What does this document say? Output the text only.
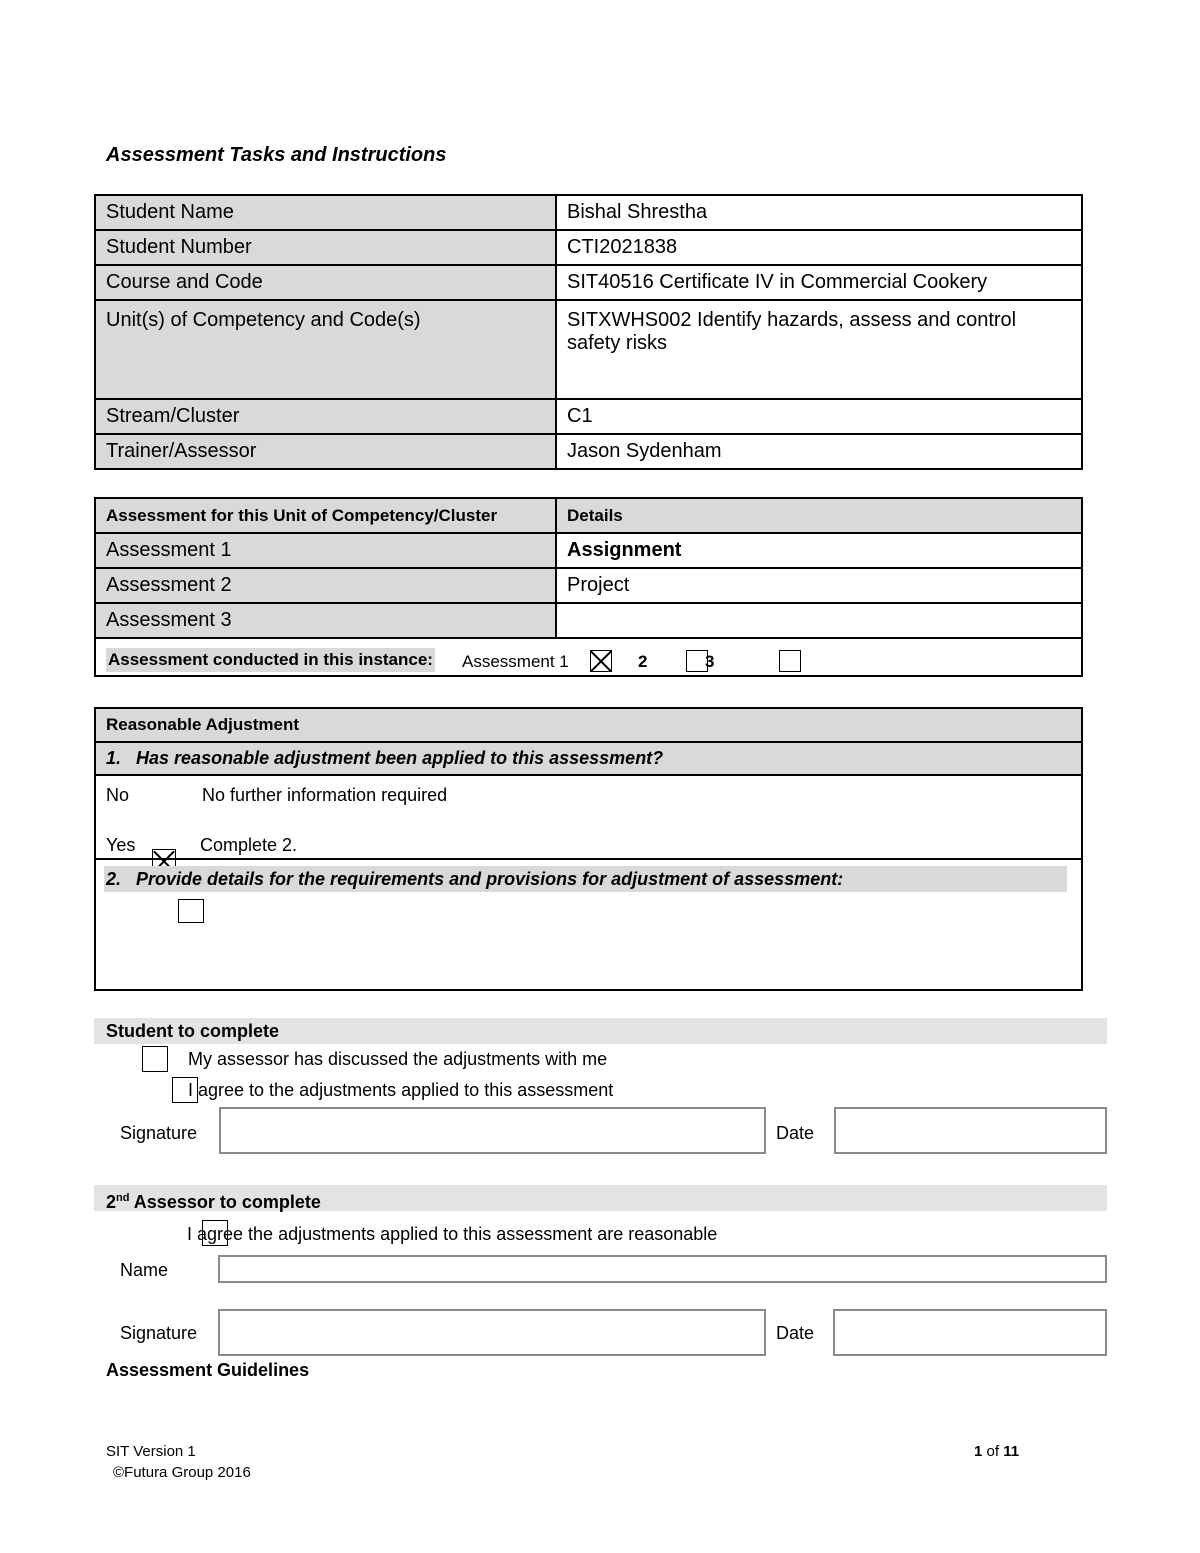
Assessment Tasks and Instructions
Student Name	Bishal Shrestha
Student Number	CTI2021838
Course and Code	SIT40516 Certificate IV in Commercial Cookery
Unit(s) of Competency and Code(s)	SITXWHS002 Identify hazards, assess and control safety risks
Stream/Cluster	C1
Trainer/Assessor	Jason Sydenham
Assessment for this Unit of Competency/Cluster	Details
Assessment 1	Assignment
Assessment 2	Project
Assessment 3	
Assessment conducted in this instance: Assessment 1
	2
	3
Reasonable Adjustment
1.   Has reasonable adjustment been applied to this assessment?
No
	No further information required
Yes	Complete 2.
2.   Provide details for the requirements and provisions for adjustment of assessment:
Student to complete

My assessor has discussed the adjustments with me

I agree to the adjustments applied to this assessment
Signature	Date
2nd Assessor to complete
I agree the adjustments applied to this assessment are reasonable
Name
Signature	Date
Assessment Guidelines
SIT Version 1
©Futura Group 2016
1 of 11
